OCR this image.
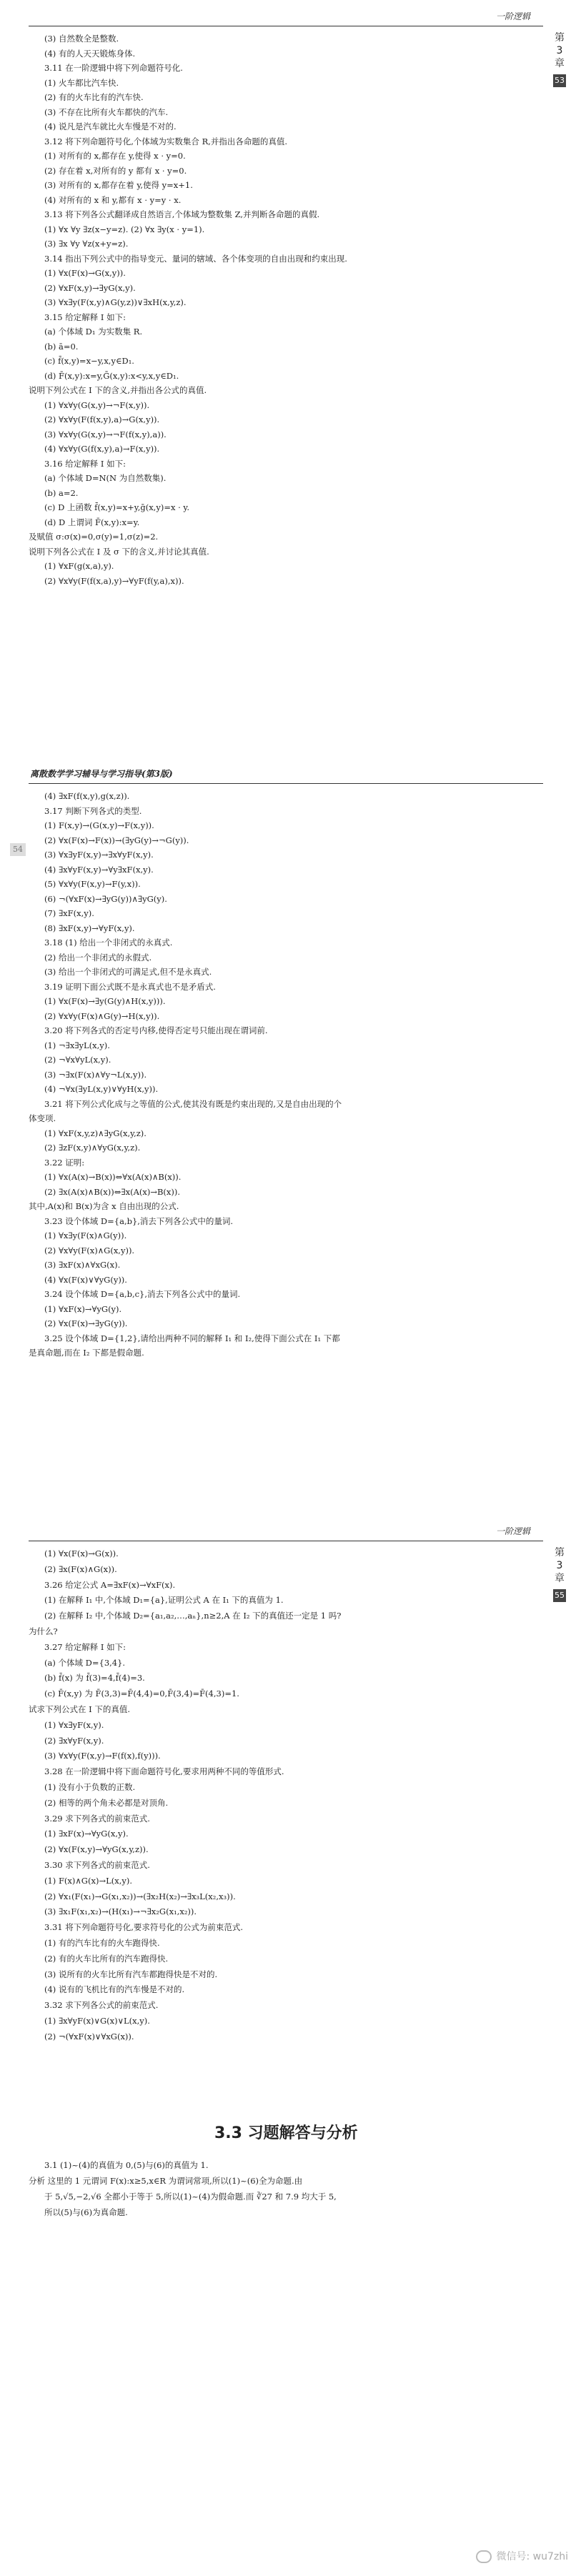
一阶逻辑
第
3
章
53
(3) 自然数全是整数.
(4) 有的人天天锻炼身体.
3.11 在一阶逻辑中将下列命题符号化.
(1) 火车都比汽车快.
(2) 有的火车比有的汽车快.
(3) 不存在比所有火车都快的汽车.
(4) 说凡是汽车就比火车慢是不对的.
3.12 将下列命题符号化,个体域为实数集合 R,并指出各命题的真值.
(1) 对所有的 x,都存在 y,使得 x · y=0.
(2) 存在着 x,对所有的 y 都有 x · y=0.
(3) 对所有的 x,都存在着 y,使得 y=x+1.
(4) 对所有的 x 和 y,都有 x · y=y · x.
3.13 将下列各公式翻译成自然语言,个体域为整数集 Z,并判断各命题的真假.
(1) ∀x ∀y ∃z(x−y=z). (2) ∀x ∃y(x · y=1).
(3) ∃x ∀y ∀z(x+y=z).
3.14 指出下列公式中的指导变元、量词的辖域、各个体变项的自由出现和约束出现.
(1) ∀x(F(x)→G(x,y)).
(2) ∀xF(x,y)→∃yG(x,y).
(3) ∀x∃y(F(x,y)∧G(y,z))∨∃xH(x,y,z).
3.15 给定解释 I 如下:
(a) 个体域 D₁ 为实数集 R.
(b) ā=0.
(c) f̄(x,y)=x−y,x,y∈D₁.
(d) F̄(x,y):x=y,Ḡ(x,y):x<y,x,y∈D₁.
说明下列公式在 I 下的含义,并指出各公式的真值.
(1) ∀x∀y(G(x,y)→¬F(x,y)).
(2) ∀x∀y(F(f(x,y),a)→G(x,y)).
(3) ∀x∀y(G(x,y)→¬F(f(x,y),a)).
(4) ∀x∀y(G(f(x,y),a)→F(x,y)).
3.16 给定解释 I 如下:
(a) 个体域 D=N(N 为自然数集).
(b) a=2.
(c) D 上函数 f̄(x,y)=x+y,ḡ(x,y)=x · y.
(d) D 上谓词 F̄(x,y):x=y.
及赋值 σ:σ(x)=0,σ(y)=1,σ(z)=2.
说明下列各公式在 I 及 σ 下的含义,并讨论其真值.
(1) ∀xF(g(x,a),y).
(2) ∀x∀y(F(f(x,a),y)→∀yF(f(y,a),x)).
离散数学学习辅导与学习指导(第3版)
54
(4) ∃xF(f(x,y),g(x,z)).
3.17 判断下列各式的类型.
(1) F(x,y)→(G(x,y)→F(x,y)).
(2) ∀x(F(x)→F(x))→(∃yG(y)→¬G(y)).
(3) ∀x∃yF(x,y)→∃x∀yF(x,y).
(4) ∃x∀yF(x,y)→∀y∃xF(x,y).
(5) ∀x∀y(F(x,y)→F(y,x)).
(6) ¬(∀xF(x)→∃yG(y))∧∃yG(y).
(7) ∃xF(x,y).
(8) ∃xF(x,y)→∀yF(x,y).
3.18 (1) 给出一个非闭式的永真式.
(2) 给出一个非闭式的永假式.
(3) 给出一个非闭式的可满足式,但不是永真式.
3.19 证明下面公式既不是永真式也不是矛盾式.
(1) ∀x(F(x)→∃y(G(y)∧H(x,y))).
(2) ∀x∀y(F(x)∧G(y)→H(x,y)).
3.20 将下列各式的否定号内移,使得否定号只能出现在谓词前.
(1) ¬∃x∃yL(x,y).
(2) ¬∀x∀yL(x,y).
(3) ¬∃x(F(x)∧∀y¬L(x,y)).
(4) ¬∀x(∃yL(x,y)∨∀yH(x,y)).
3.21 将下列公式化成与之等值的公式,使其没有既是约束出现的,又是自由出现的个
体变项.
(1) ∀xF(x,y,z)∧∃yG(x,y,z).
(2) ∃zF(x,y)∧∀yG(x,y,z).
3.22 证明:
(1) ∀x(A(x)→B(x))⇔∀x(A(x)∧B(x)).
(2) ∃x(A(x)∧B(x))⇔∃x(A(x)→B(x)).
其中,A(x)和 B(x)为含 x 自由出现的公式.
3.23 设个体域 D={a,b},消去下列各公式中的量词.
(1) ∀x∃y(F(x)∧G(y)).
(2) ∀x∀y(F(x)∧G(x,y)).
(3) ∃xF(x)∧∀xG(x).
(4) ∀x(F(x)∨∀yG(y)).
3.24 设个体域 D={a,b,c},消去下列各公式中的量词.
(1) ∀xF(x)→∀yG(y).
(2) ∀x(F(x)→∃yG(y)).
3.25 设个体域 D={1,2},请给出两种不同的解释 I₁ 和 I₂,使得下面公式在 I₁ 下都
是真命题,而在 I₂ 下都是假命题.
一阶逻辑
第
3
章
55
(1) ∀x(F(x)→G(x)).
(2) ∃x(F(x)∧G(x)).
3.26 给定公式 A=∃xF(x)→∀xF(x).
(1) 在解释 I₁ 中,个体域 D₁={a},证明公式 A 在 I₁ 下的真值为 1.
(2) 在解释 I₂ 中,个体域 D₂={a₁,a₂,…,aₙ},n≥2,A 在 I₂ 下的真值还一定是 1 吗?
为什么?
3.27 给定解释 I 如下:
(a) 个体域 D={3,4}.
(b) f̄(x) 为 f̄(3)=4,f̄(4)=3.
(c) F̄(x,y) 为 F̄(3,3)=F̄(4,4)=0,F̄(3,4)=F̄(4,3)=1.
试求下列公式在 I 下的真值.
(1) ∀x∃yF(x,y).
(2) ∃x∀yF(x,y).
(3) ∀x∀y(F(x,y)→F(f(x),f(y))).
3.28 在一阶逻辑中将下面命题符号化,要求用两种不同的等值形式.
(1) 没有小于负数的正数.
(2) 相等的两个角未必都是对顶角.
3.29 求下列各式的前束范式.
(1) ∃xF(x)→∀yG(x,y).
(2) ∀x(F(x,y)→∀yG(x,y,z)).
3.30 求下列各式的前束范式.
(1) F(x)∧G(x)→L(x,y).
(2) ∀x₁(F(x₁)→G(x₁,x₂))→(∃x₂H(x₂)→∃x₃L(x₂,x₃)).
(3) ∃x₁F(x₁,x₂)→(H(x₁)→¬∃x₂G(x₁,x₂)).
3.31 将下列命题符号化,要求符号化的公式为前束范式.
(1) 有的汽车比有的火车跑得快.
(2) 有的火车比所有的汽车跑得快.
(3) 说所有的火车比所有汽车都跑得快是不对的.
(4) 说有的飞机比有的汽车慢是不对的.
3.32 求下列各公式的前束范式.
(1) ∃x∀yF(x)∨G(x)∨L(x,y).
(2) ¬(∀xF(x)∨∀xG(x)).
3.3 习题解答与分析
3.1 (1)~(4)的真值为 0,(5)与(6)的真值为 1.
分析 这里的 1 元谓词 F(x):x≥5,x∈R 为谓词常项,所以(1)~(6)全为命题.由
于 5,√5,−2,√6 全都小于等于 5,所以(1)~(4)为假命题.而 ∛27 和 7.9 均大于 5,
所以(5)与(6)为真命题.
微信号: wu7zhi
